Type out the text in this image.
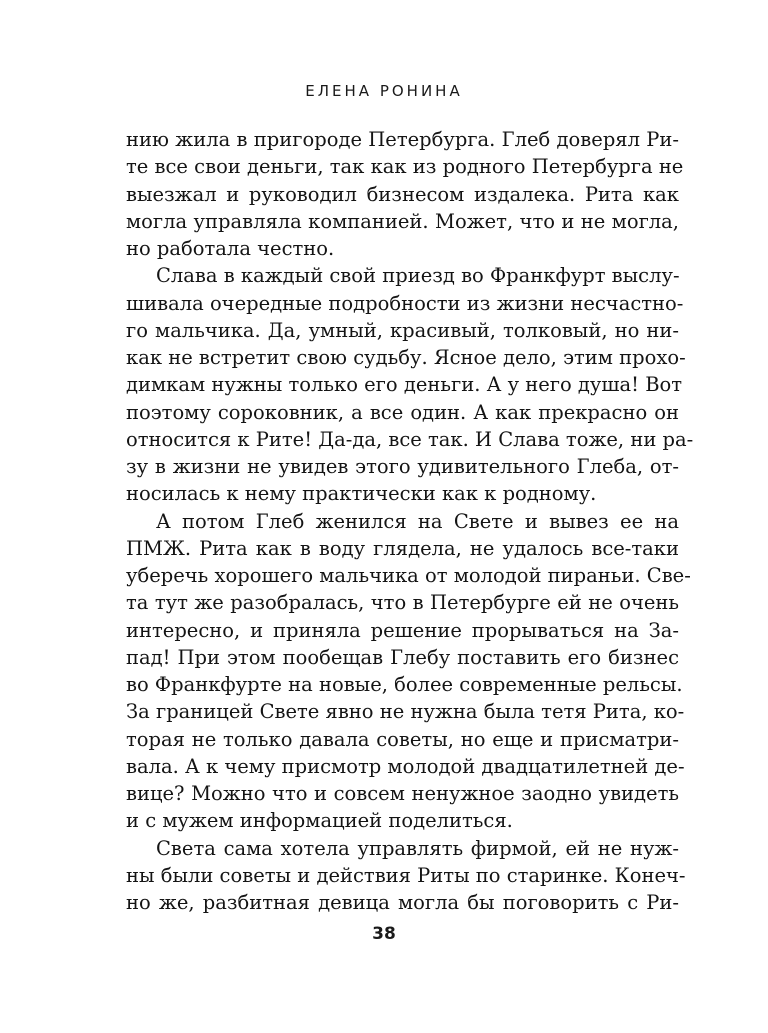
ЕЛЕНА РОНИНА
нию жила в пригороде Петербурга. Глеб доверял Ри-
те все свои деньги, так как из родного Петербурга не
выезжал и руководил бизнесом издалека. Рита как
могла управляла компанией. Может, что и не могла,
но работала честно.
Слава в каждый свой приезд во Франкфурт выслу-
шивала очередные подробности из жизни несчастно-
го мальчика. Да, умный, красивый, толковый, но ни-
как не встретит свою судьбу. Ясное дело, этим прохо-
димкам нужны только его деньги. А у него душа! Вот
поэтому сороковник, а все один. А как прекрасно он
относится к Рите! Да-да, все так. И Слава тоже, ни ра-
зу в жизни не увидев этого удивительного Глеба, от-
носилась к нему практически как к родному.
А потом Глеб женился на Свете и вывез ее на
ПМЖ. Рита как в воду глядела, не удалось все-таки
уберечь хорошего мальчика от молодой пираньи. Све-
та тут же разобралась, что в Петербурге ей не очень
интересно, и приняла решение прорываться на За-
пад! При этом пообещав Глебу поставить его бизнес
во Франкфурте на новые, более современные рельсы.
За границей Свете явно не нужна была тетя Рита, ко-
торая не только давала советы, но еще и присматри-
вала. А к чему присмотр молодой двадцатилетней де-
вице? Можно что и совсем ненужное заодно увидеть
и с мужем информацией поделиться.
Света сама хотела управлять фирмой, ей не нуж-
ны были советы и действия Риты по старинке. Конеч-
но же, разбитная девица могла бы поговорить с Ри-
38
